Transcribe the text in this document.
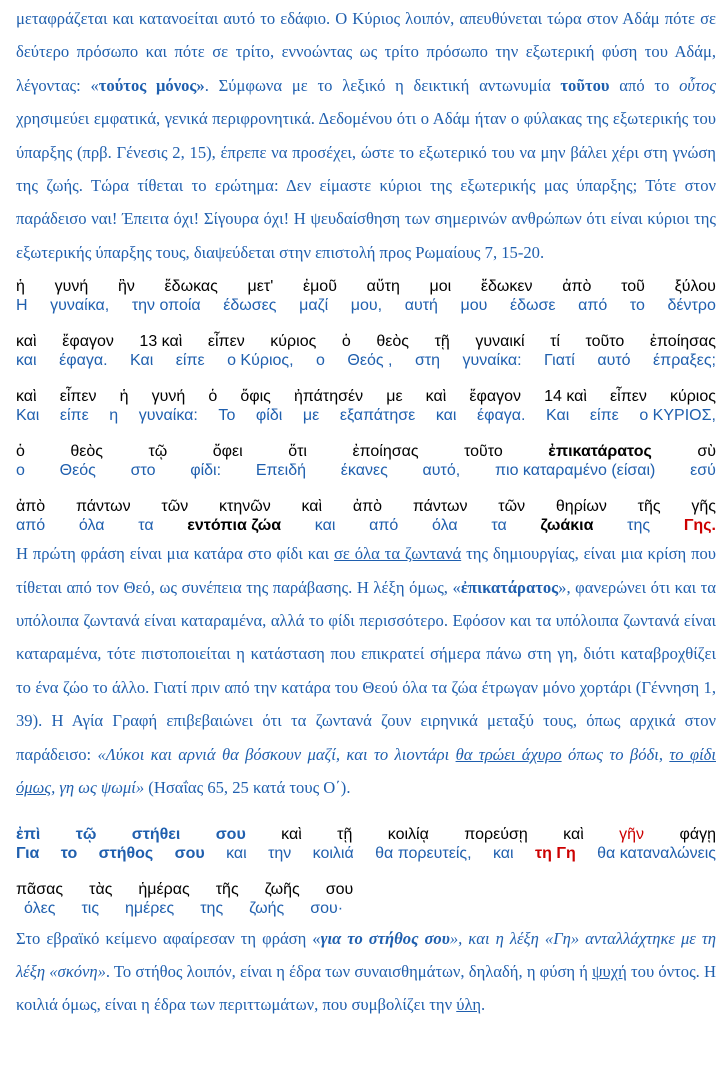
μεταφράζεται και κατανοείται αυτό το εδάφιο. Ο Κύριος λοιπόν, απευθύνεται τώρα στον Αδάμ πότε σε δεύτερο πρόσωπο και πότε σε τρίτο, εννοώντας ως τρίτο πρόσωπο την εξωτερική φύση του Αδάμ, λέγοντας: «τούτος μόνος». Σύμφωνα με το λεξικό η δεικτική αντωνυμία τοῦτου από το οὗτος χρησιμεύει εμφατικά, γενικά περιφρονητικά. Δεδομένου ότι ο Αδάμ ήταν ο φύλακας της εξωτερικής του ύπαρξης (πρβ. Γένεσις 2, 15), έπρεπε να προσέχει, ώστε το εξωτερικό του να μην βάλει χέρι στη γνώση της ζωής. Τώρα τίθεται το ερώτημα: Δεν είμαστε κύριοι της εξωτερικής μας ύπαρξης; Τότε στον παράδεισο ναι! Έπειτα όχι! Σίγουρα όχι! Η ψευδαίσθηση των σημερινών ανθρώπων ότι είναι κύριοι της εξωτερικής ύπαρξης τους, διαψεύδεται στην επιστολή προς Ρωμαίους 7, 15-20.

ἡ γυνή ἣν ἔδωκας μετ' ἐμοῦ αὕτη μοι ἔδωκεν ἀπὸ τοῦ ξύλου
Η γυναίκα, την οποία έδωσες μαζί μου, αυτή μου έδωσε από το δέντρο
καὶ ἔφαγον 13 καὶ εἶπεν κύριος ὁ θεὸς τῇ γυναικί τί τοῦτο ἐποίησας
και έφαγα. Και είπε ο Κύριος, ο Θεός , στη γυναίκα: Γιατί αυτό έπραξες;
καὶ εἶπεν ἡ γυνή ὁ ὄφις ἠπάτησέν με καὶ ἔφαγον 14 καὶ εἶπεν κύριος
Και είπε η γυναίκα: Το φίδι με εξαπάτησε και έφαγα. Και είπε ο ΚΥΡΙΟΣ,
ὁ	θεὸς	τῷ	ὄφει	ὅτι	ἐποίησας	τοῦτο	ἐπικατάρατος	σὺ
ο Θεός στο φίδι: Επειδή έκανες αυτό, πιο καταραμένο (είσαι) εσύ
ἀπὸ πάντων τῶν κτηνῶν καὶ ἀπὸ πάντων τῶν θηρίων τῆς γῆς
από όλα τα εντόπια ζώα και από όλα τα ζωάκια της Γης.

Η πρώτη φράση είναι μια κατάρα στο φίδι και σε όλα τα ζωντανά της δημιουργίας, είναι μια κρίση που τίθεται από τον Θεό, ως συνέπεια της παράβασης. Η λέξη όμως, «ἐπικατάρατος», φανερώνει ότι και τα υπόλοιπα ζωντανά είναι καταραμένα, αλλά το φίδι περισσότερο. Εφόσον και τα υπόλοιπα ζωντανά είναι καταραμένα, τότε πιστοποιείται η κατάσταση που επικρατεί σήμερα πάνω στη γη, διότι καταβροχθίζει το ένα ζώο το άλλο. Γιατί πριν από την κατάρα του Θεού όλα τα ζώα έτρωγαν μόνο χορτάρι (Γέννηση 1, 39). Η Αγία Γραφή επιβεβαιώνει ότι τα ζωντανά ζουν ειρηνικά μεταξύ τους, όπως αρχικά στον παράδεισο: «Λύκοι και αρνιά θα βόσκουν μαζί, και το λιοντάρι θα τρώει άχυρο όπως το βόδι, το φίδι όμως, γη ως ψωμί» (Ησαΐας 65, 25 κατά τους Ο΄).

ἐπὶ τῷ στήθει σου καὶ τῇ κοιλίᾳ πορεύσῃ καὶ γῆν φάγῃ
Για το στήθος σου και την κοιλιά θα πορευτείς, και τη Γη θα καταναλώνεις
πᾶσας τὰς ἡμέρας τῆς ζωῆς σου
όλες τις ημέρες της ζωής σου·

Στο εβραϊκό κείμενο αφαίρεσαν τη φράση «για το στήθος σου», και η λέξη «Γη» ανταλλάχτηκε με τη λέξη «σκόνη». Το στήθος λοιπόν, είναι η έδρα των συναισθημάτων, δηλαδή, η φύση ή ψυχή του όντος. Η κοιλιά όμως, είναι η έδρα των περιττωμάτων, που συμβολίζει την ύλη.
